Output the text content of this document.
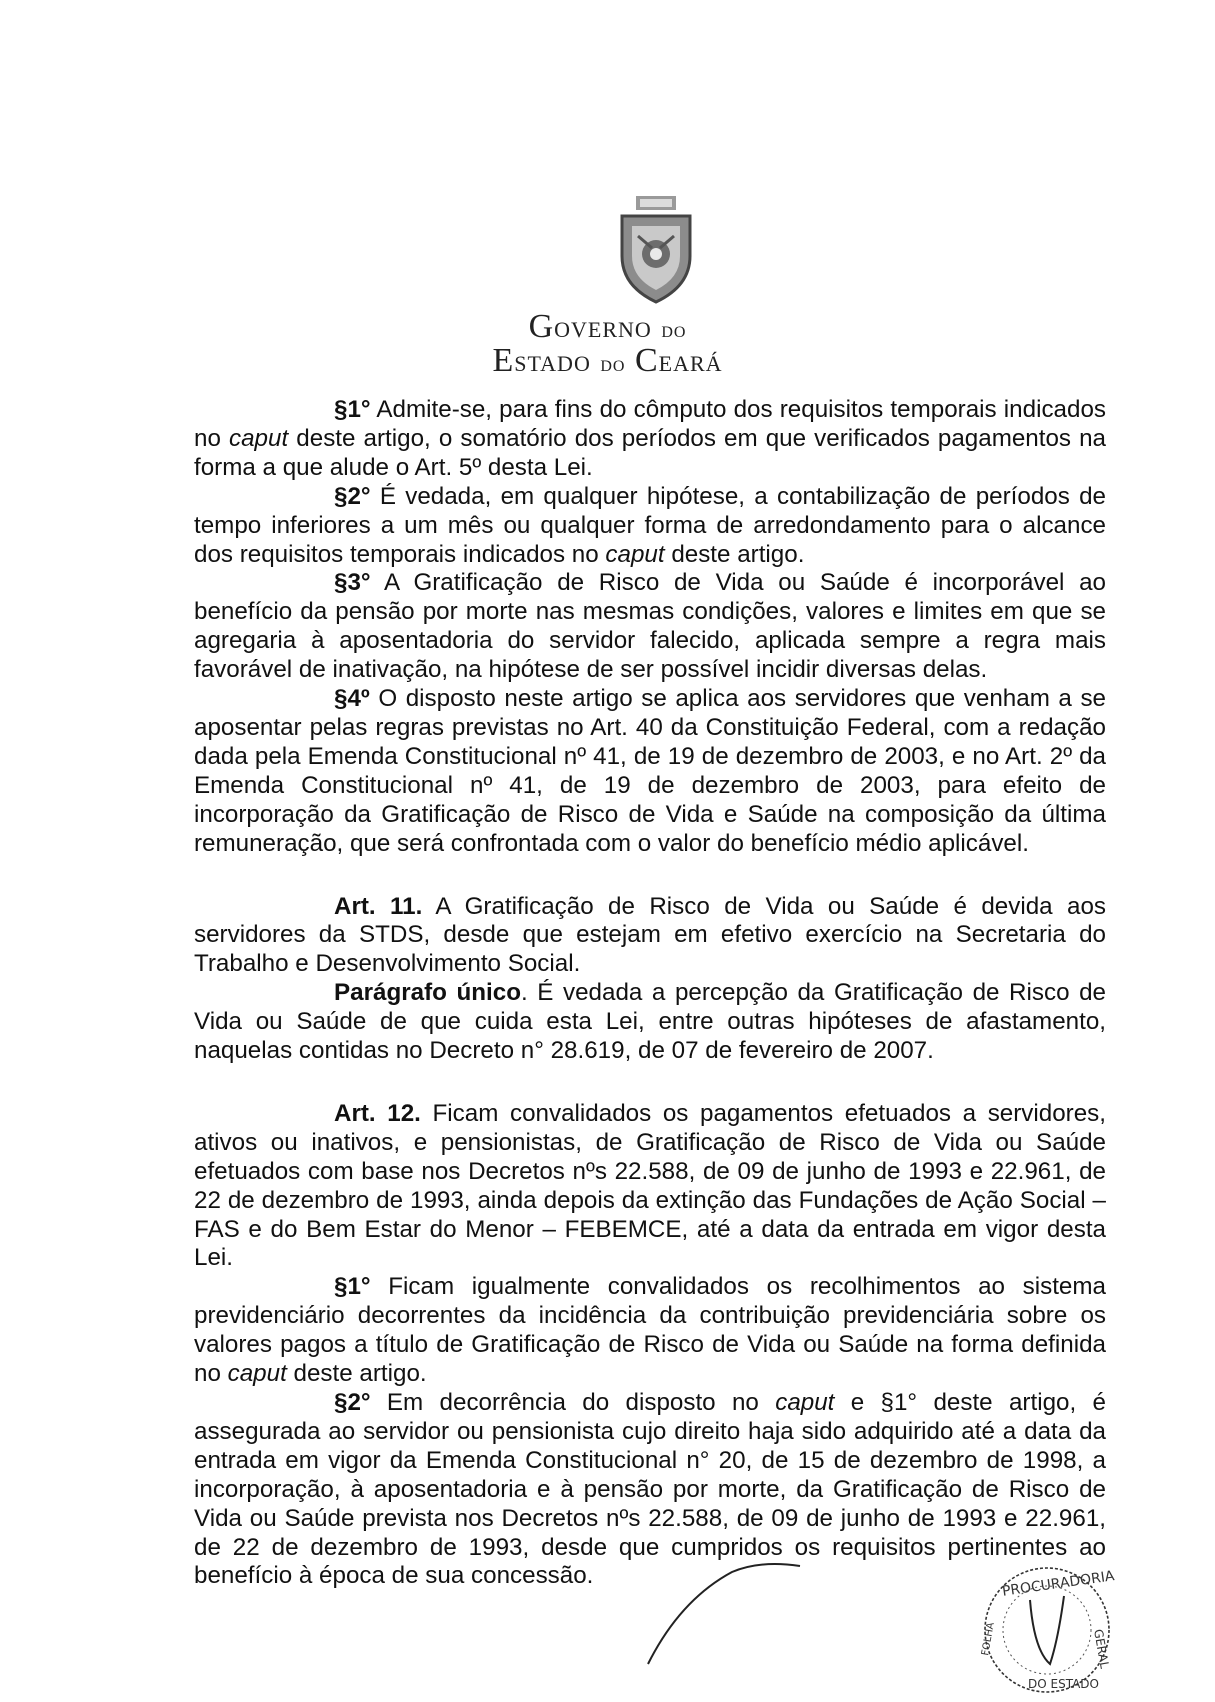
GOVERNO DO
ESTADO DO CEARÁ

§1° Admite-se, para fins do cômputo dos requisitos temporais indicados no caput deste artigo, o somatório dos períodos em que verificados pagamentos na forma a que alude o Art. 5º desta Lei.

§2° É vedada, em qualquer hipótese, a contabilização de períodos de tempo inferiores a um mês ou qualquer forma de arredondamento para o alcance dos requisitos temporais indicados no caput deste artigo.

§3° A Gratificação de Risco de Vida ou Saúde é incorporável ao benefício da pensão por morte nas mesmas condições, valores e limites em que se agregaria à aposentadoria do servidor falecido, aplicada sempre a regra mais favorável de inativação, na hipótese de ser possível incidir diversas delas.

§4º O disposto neste artigo se aplica aos servidores que venham a se aposentar pelas regras previstas no Art. 40 da Constituição Federal, com a redação dada pela Emenda Constitucional nº 41, de 19 de dezembro de 2003, e no Art. 2º da Emenda Constitucional nº 41, de 19 de dezembro de 2003, para efeito de incorporação da Gratificação de Risco de Vida e Saúde na composição da última remuneração, que será confrontada com o valor do benefício médio aplicável.

Art. 11. A Gratificação de Risco de Vida ou Saúde é devida aos servidores da STDS, desde que estejam em efetivo exercício na Secretaria do Trabalho e Desenvolvimento Social.

Parágrafo único. É vedada a percepção da Gratificação de Risco de Vida ou Saúde de que cuida esta Lei, entre outras hipóteses de afastamento, naquelas contidas no Decreto n° 28.619, de 07 de fevereiro de 2007.

Art. 12. Ficam convalidados os pagamentos efetuados a servidores, ativos ou inativos, e pensionistas, de Gratificação de Risco de Vida ou Saúde efetuados com base nos Decretos nºs 22.588, de 09 de junho de 1993 e 22.961, de 22 de dezembro de 1993, ainda depois da extinção das Fundações de Ação Social – FAS e do Bem Estar do Menor – FEBEMCE, até a data da entrada em vigor desta Lei.

§1° Ficam igualmente convalidados os recolhimentos ao sistema previdenciário decorrentes da incidência da contribuição previdenciária sobre os valores pagos a título de Gratificação de Risco de Vida ou Saúde na forma definida no caput deste artigo.

§2° Em decorrência do disposto no caput e §1° deste artigo, é assegurada ao servidor ou pensionista cujo direito haja sido adquirido até a data da entrada em vigor da Emenda Constitucional n° 20, de 15 de dezembro de 1998, a incorporação, à aposentadoria e à pensão por morte, da Gratificação de Risco de Vida ou Saúde prevista nos Decretos nºs 22.588, de 09 de junho de 1993 e 22.961, de 22 de dezembro de 1993, desde que cumpridos os requisitos pertinentes ao benefício à época de sua concessão.	PROCURADORIA
GERAL
DO ESTADO
FOLHA
